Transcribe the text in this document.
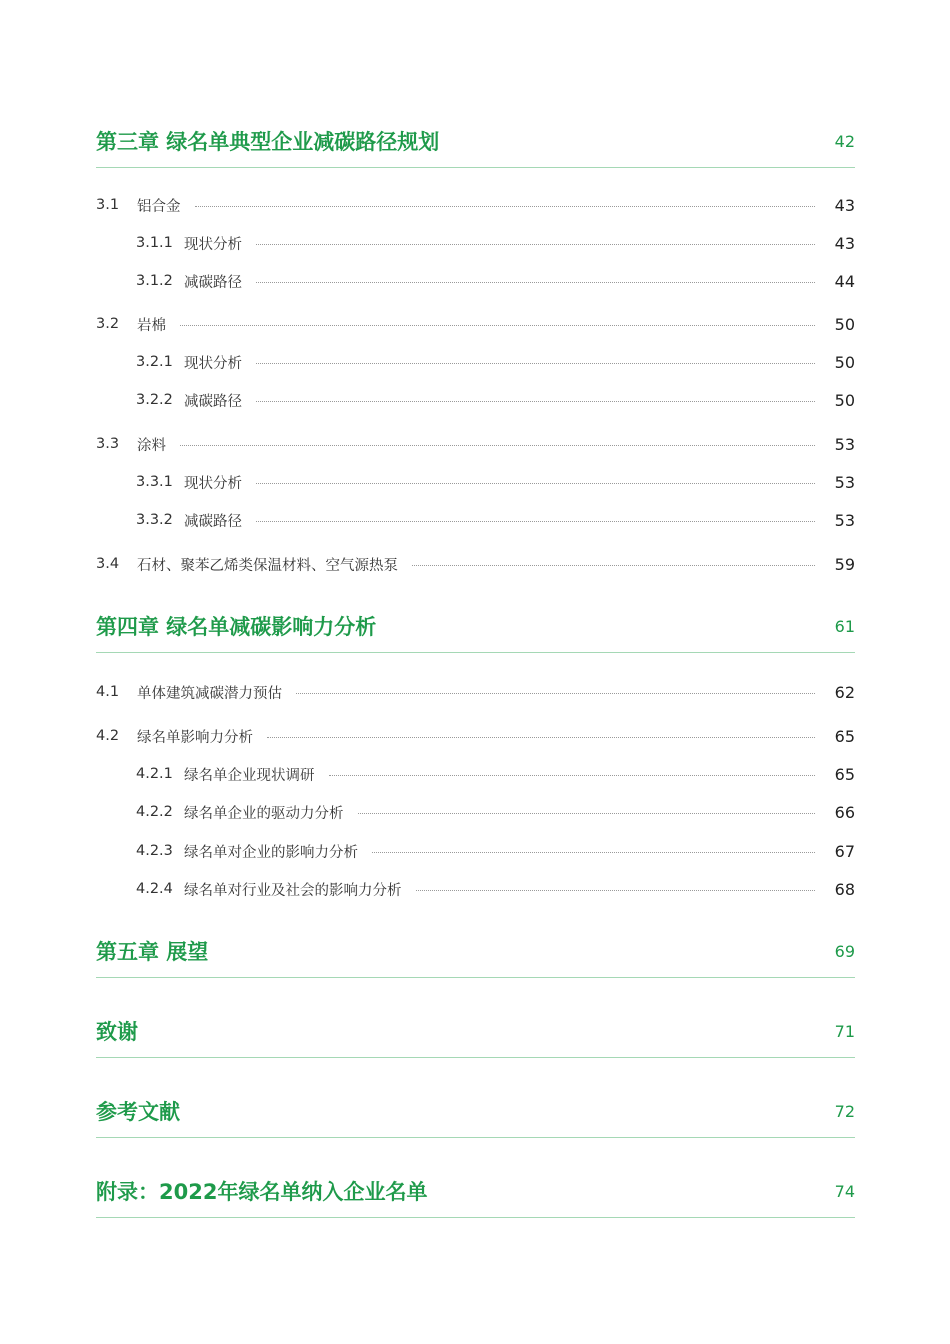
第三章 绿名单典型企业减碳路径规划	42
3.1	铝合金	43
3.1.1 现状分析	43
3.1.2 减碳路径	44
3.2	岩棉	50
3.2.1 现状分析	50
3.2.2 减碳路径	50
3.3	涂料	53
3.3.1 现状分析	53
3.3.2 减碳路径	53
3.4	石材、聚苯乙烯类保温材料、空气源热泵	59
第四章 绿名单减碳影响力分析	61
4.1	单体建筑减碳潜力预估	62
4.2	绿名单影响力分析	65
4.2.1 绿名单企业现状调研	65
4.2.2 绿名单企业的驱动力分析	66
4.2.3 绿名单对企业的影响力分析	67
4.2.4 绿名单对行业及社会的影响力分析	68
第五章 展望	69
致谢	71
参考文献	72
附录：2022年绿名单纳入企业名单	74
